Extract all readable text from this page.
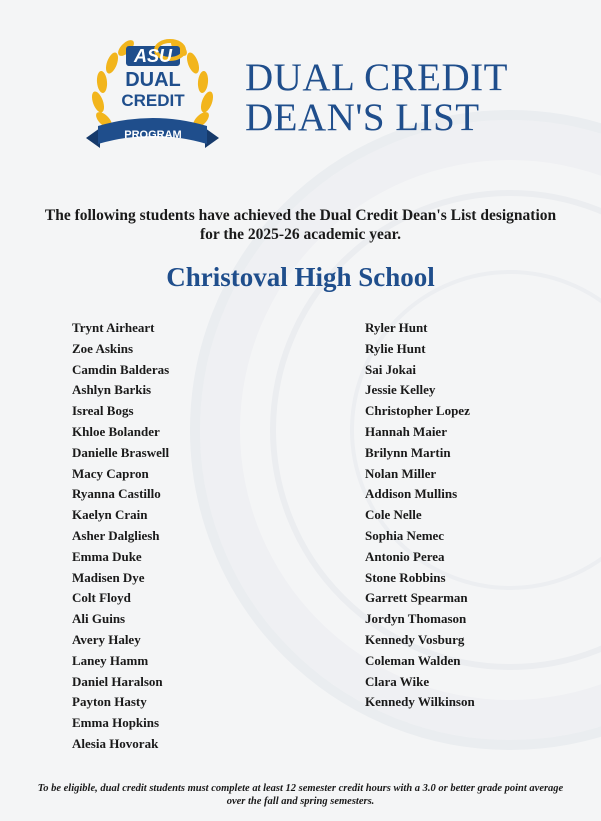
ASU
DUAL
CREDIT
PROGRAM
DUAL CREDIT
DEAN'S LIST
The following students have achieved the Dual Credit Dean's List designation for the 2025-26 academic year.
Christoval High School
Trynt Airheart
Zoe Askins
Camdin Balderas
Ashlyn Barkis
Isreal Bogs
Khloe Bolander
Danielle Braswell
Macy Capron
Ryanna Castillo
Kaelyn Crain
Asher Dalgliesh
Emma Duke
Madisen Dye
Colt Floyd
Ali Guins
Avery Haley
Laney Hamm
Daniel Haralson
Payton Hasty
Emma Hopkins
Alesia Hovorak
Ryler Hunt
Rylie Hunt
Sai Jokai
Jessie Kelley
Christopher Lopez
Hannah Maier
Brilynn Martin
Nolan Miller
Addison Mullins
Cole Nelle
Sophia Nemec
Antonio Perea
Stone Robbins
Garrett Spearman
Jordyn Thomason
Kennedy Vosburg
Coleman Walden
Clara Wike
Kennedy Wilkinson
To be eligible, dual credit students must complete at least 12 semester credit hours with a 3.0 or better grade point average
over the fall and spring semesters.
